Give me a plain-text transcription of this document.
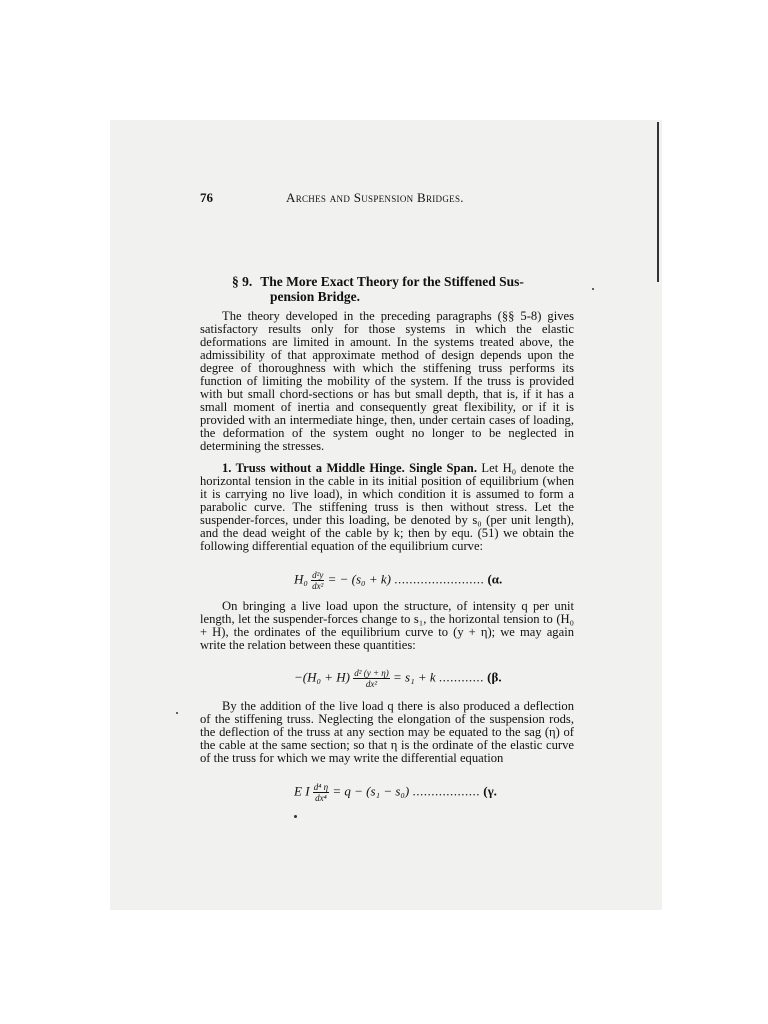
76	Arches and Suspension Bridges.
§ 9. The More Exact Theory for the Stiffened Sus-
pension Bridge.

The theory developed in the preceding paragraphs (§§ 5-8) gives satisfactory results only for those systems in which the elastic deformations are limited in amount. In the systems treated above, the admissibility of that approximate method of design depends upon the degree of thoroughness with which the stiffening truss performs its function of limiting the mobility of the system. If the truss is provided with but small chord-sections or has but small depth, that is, if it has a small moment of inertia and consequently great flexibility, or if it is provided with an intermediate hinge, then, under certain cases of loading, the deformation of the system ought no longer to be neglected in determining the stresses.

1. Truss without a Middle Hinge. Single Span. Let H₀ denote the horizontal tension in the cable in its initial position of equilibrium (when it is carrying no live load), in which condition it is assumed to form a parabolic curve. The stiffening truss is then without stress. Let the suspender-forces, under this loading, be denoted by s₀ (per unit length), and the dead weight of the cable by k; then by equ. (51) we obtain the following differential equation of the equilibrium curve:

$H_0 \frac{\text{d²y}}{\text{dx²}}$ = − (s₀ + k) ........................ (α.

On bringing a live load upon the structure, of intensity q per unit length, let the suspender-forces change to s₁, the horizontal tension to (H₀ + H), the ordinates of the equilibrium curve to (y + η); we may again write the relation between these quantities:

$-(H_0 + H) \frac{\text{d² (y + η)}}{\text{dx²}} = s_1 + k$ ............ (β.

By the addition of the live load q there is also produced a deflection of the stiffening truss. Neglecting the elongation of the suspension rods, the deflection of the truss at any section may be equated to the sag (η) of the cable at the same section; so that η is the ordinate of the elastic curve of the truss for which we may write the differential equation

E I $\frac{\text{d⁴ η}}{\text{dx⁴}} = q - (s_1 - s_0)$ .................. (γ.
